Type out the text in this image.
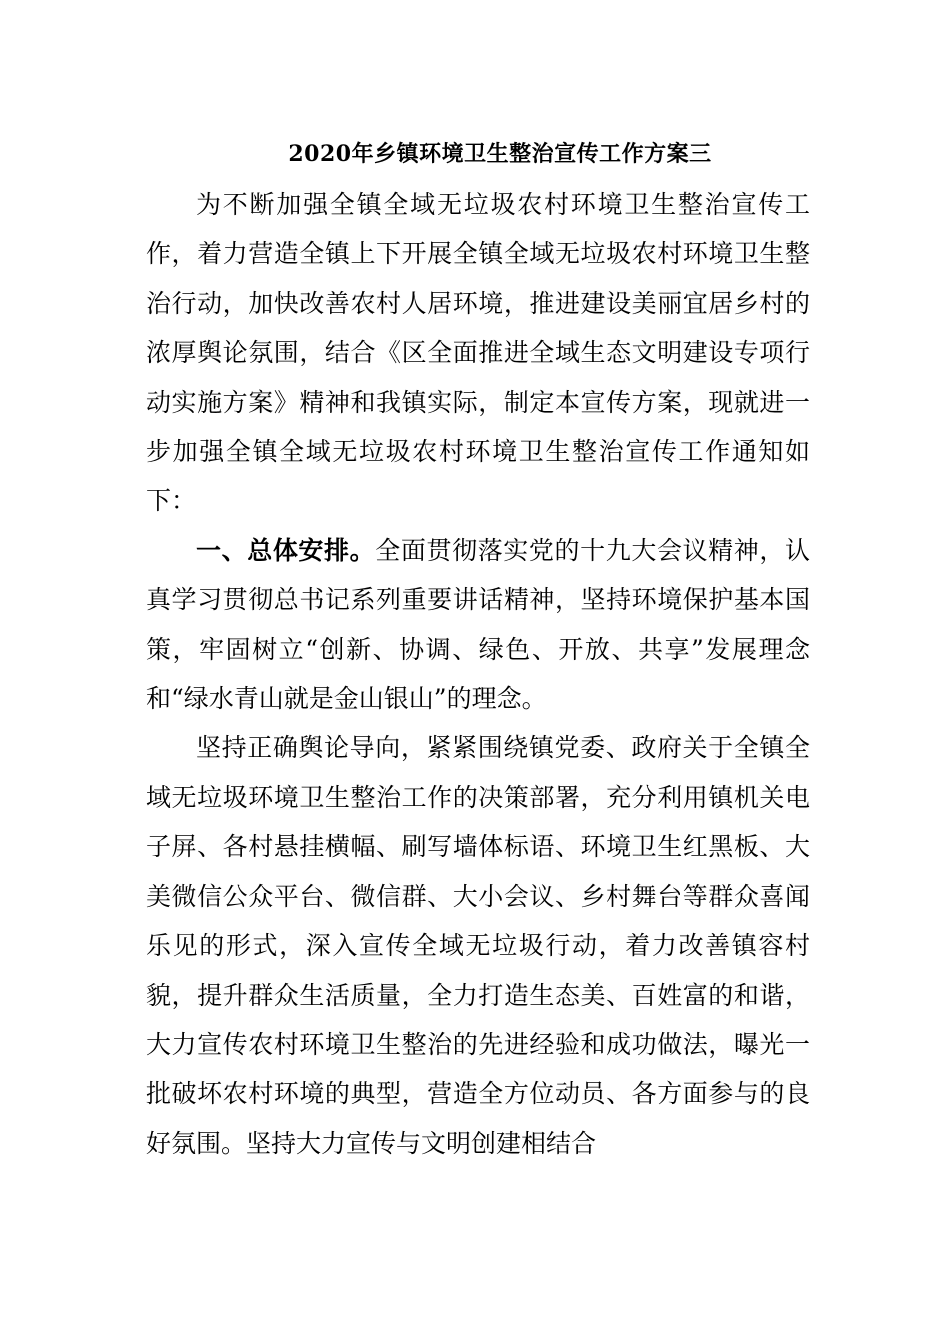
2020年乡镇环境卫生整治宣传工作方案三

为不断加强全镇全域无垃圾农村环境卫生整治宣传工作，着力营造全镇上下开展全镇全域无垃圾农村环境卫生整治行动，加快改善农村人居环境，推进建设美丽宜居乡村的浓厚舆论氛围，结合《区全面推进全域生态文明建设专项行动实施方案》精神和我镇实际，制定本宣传方案，现就进一步加强全镇全域无垃圾农村环境卫生整治宣传工作通知如下：

一、总体安排。全面贯彻落实党的十九大会议精神，认真学习贯彻总书记系列重要讲话精神，坚持环境保护基本国策，牢固树立“创新、协调、绿色、开放、共享”发展理念和“绿水青山就是金山银山”的理念。

坚持正确舆论导向，紧紧围绕镇党委、政府关于全镇全域无垃圾环境卫生整治工作的决策部署，充分利用镇机关电子屏、各村悬挂横幅、刷写墙体标语、环境卫生红黑板、大美微信公众平台、微信群、大小会议、乡村舞台等群众喜闻乐见的形式，深入宣传全域无垃圾行动，着力改善镇容村貌，提升群众生活质量，全力打造生态美、百姓富的和谐，大力宣传农村环境卫生整治的先进经验和成功做法，曝光一批破坏农村环境的典型，营造全方位动员、各方面参与的良好氛围。坚持大力宣传与文明创建相结合
